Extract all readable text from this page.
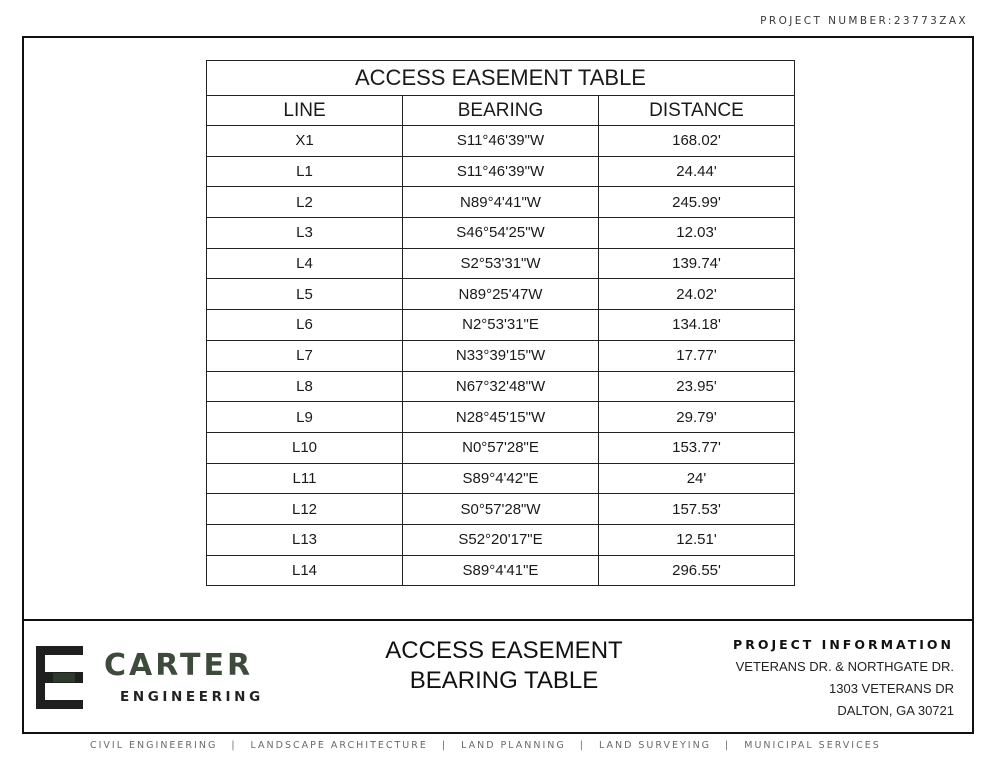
PROJECT NUMBER:23773ZAX
ACCESS EASEMENT TABLE		
LINE	BEARING	DISTANCE
X1	S11°46'39"W	168.02'
L1	S11°46'39"W	24.44'
L2	N89°4'41"W	245.99'
L3	S46°54'25"W	12.03'
L4	S2°53'31"W	139.74'
L5	N89°25'47W	24.02'
L6	N2°53'31"E	134.18'
L7	N33°39'15"W	17.77'
L8	N67°32'48"W	23.95'
L9	N28°45'15"W	29.79'
L10	N0°57'28"E	153.77'
L11	S89°4'42"E	24'
L12	S0°57'28"W	157.53'
L13	S52°20'17"E	12.51'
L14	S89°4'41"E	296.55'
CARTER
ENGINEERING
ACCESS EASEMENT
BEARING TABLE
PROJECT INFORMATION
VETERANS DR. & NORTHGATE DR.
1303 VETERANS DR
DALTON, GA 30721
CIVIL ENGINEERING | LANDSCAPE ARCHITECTURE | LAND PLANNING | LAND SURVEYING | MUNICIPAL SERVICES
